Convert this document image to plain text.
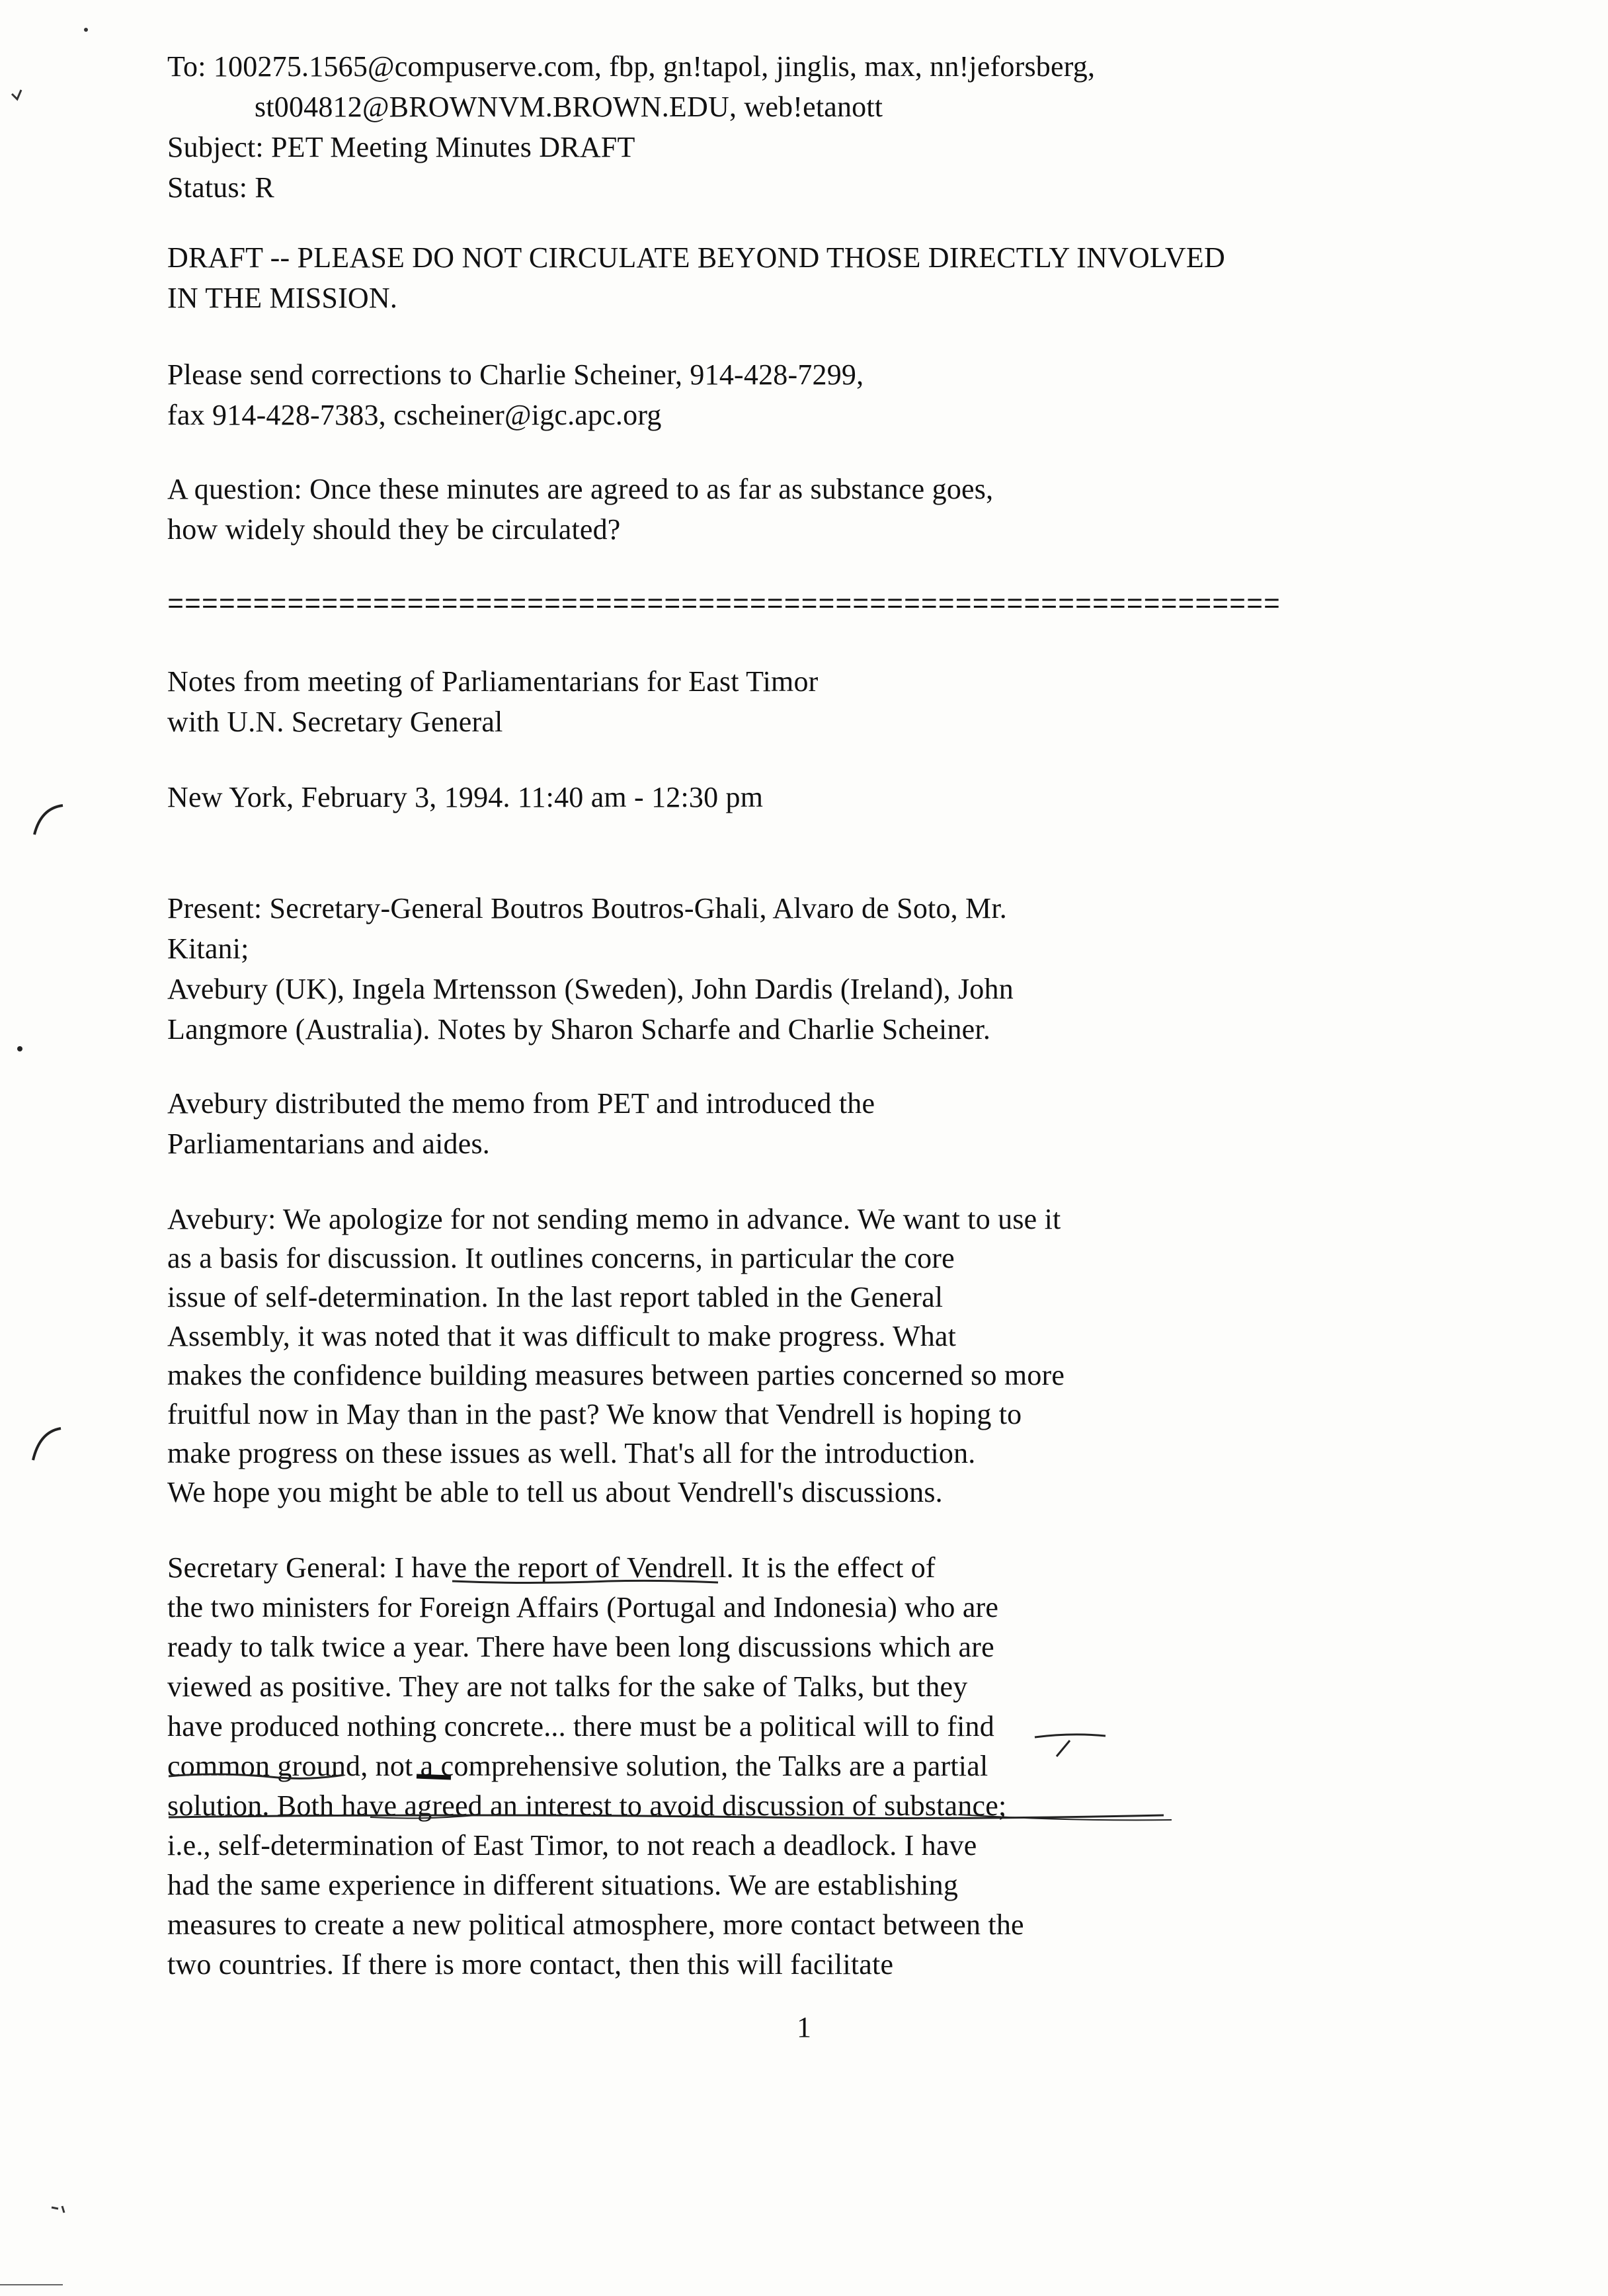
To: 100275.1565@compuserve.com, fbp, gn!tapol, jinglis, max, nn!jeforsberg,
st004812@BROWNVM.BROWN.EDU, web!etanott
Subject: PET Meeting Minutes DRAFT
Status: R
DRAFT -- PLEASE DO NOT CIRCULATE BEYOND THOSE DIRECTLY INVOLVED
IN THE MISSION.
Please send corrections to Charlie Scheiner, 914-428-7299,
fax 914-428-7383, cscheiner@igc.apc.org
A question: Once these minutes are agreed to as far as substance goes,
how widely should they be circulated?
=================================================================
Notes from meeting of Parliamentarians for East Timor
with U.N. Secretary General
New York, February 3, 1994. 11:40 am - 12:30 pm
Present: Secretary-General Boutros Boutros-Ghali, Alvaro de Soto, Mr.
Kitani;
Avebury (UK), Ingela Mrtensson (Sweden), John Dardis (Ireland), John
Langmore (Australia). Notes by Sharon Scharfe and Charlie Scheiner.
Avebury distributed the memo from PET and introduced the
Parliamentarians and aides.
Avebury: We apologize for not sending memo in advance. We want to use it
as a basis for discussion. It outlines concerns, in particular the core
issue of self-determination. In the last report tabled in the General
Assembly, it was noted that it was difficult to make progress. What
makes the confidence building measures between parties concerned so more
fruitful now in May than in the past? We know that Vendrell is hoping to
make progress on these issues as well. That's all for the introduction.
We hope you might be able to tell us about Vendrell's discussions.
Secretary General: I have the report of Vendrell. It is the effect of
the two ministers for Foreign Affairs (Portugal and Indonesia) who are
ready to talk twice a year. There have been long discussions which are
viewed as positive. They are not talks for the sake of Talks, but they
have produced nothing concrete... there must be a political will to find
common ground, not a comprehensive solution, the Talks are a partial
solution. Both have agreed an interest to avoid discussion of substance;
i.e., self-determination of East Timor, to not reach a deadlock. I have
had the same experience in different situations. We are establishing
measures to create a new political atmosphere, more contact between the
two countries. If there is more contact, then this will facilitate
1
